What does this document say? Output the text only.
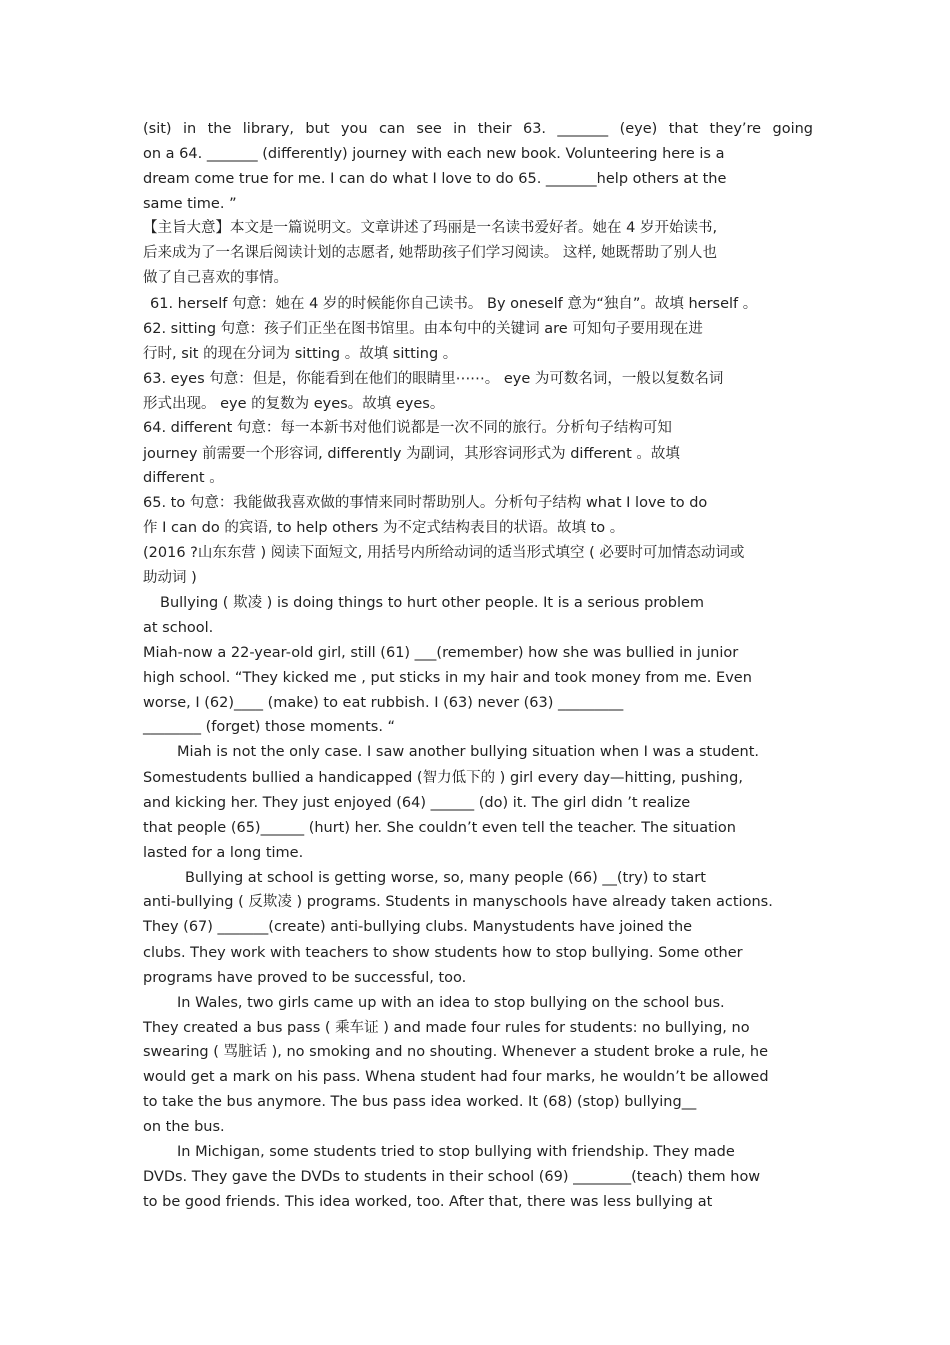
(sit) in the library, but you can see in their 63. _______ (eye) that they’re going
on a 64. _______ (differently) journey with each new book. Volunteering here is a
dream come true for me. I can do what I love to do 65. _______help others at the
same time. ”
【主旨大意】本文是一篇说明文。文章讲述了玛丽是一名读书爱好者。她在 4 岁开始读书,
后来成为了一名课后阅读计划的志愿者, 她帮助孩子们学习阅读。 这样, 她既帮助了别人也
做了自己喜欢的事情。
61. herself 句意：她在 4 岁的时候能你自己读书。 By oneself 意为“独自”。故填 herself 。
62. sitting 句意：孩子们正坐在图书馆里。由本句中的关键词 are 可知句子要用现在进
行时, sit 的现在分词为 sitting 。故填 sitting 。
63. eyes 句意：但是，你能看到在他们的眼睛里⋯⋯。 eye 为可数名词，一般以复数名词
形式出现。 eye 的复数为 eyes。故填 eyes。
64. different 句意：每一本新书对他们说都是一次不同的旅行。分析句子结构可知
journey 前需要一个形容词, differently 为副词，其形容词形式为 different 。故填
different 。
65. to 句意：我能做我喜欢做的事情来同时帮助别人。分析句子结构 what I love to do
作 I can do 的宾语, to help others 为不定式结构表目的状语。故填 to 。
(2016 ?山东东营 ) 阅读下面短文, 用括号内所给动词的适当形式填空 ( 必要时可加情态动词或
助动词 )
Bullying ( 欺凌 ) is doing things to hurt other people. It is a serious problem
at school.
Miah-now a 22-year-old girl, still (61) ___(remember) how she was bullied in junior
high school. “They kicked me , put sticks in my hair and took money from me. Even
worse, I (62)____ (make) to eat rubbish. I (63) never (63) _________
________ (forget) those moments. “
Miah is not the only case. I saw another bullying situation when I was a student.
Somestudents bullied a handicapped (智力低下的 ) girl every day—hitting, pushing,
and kicking her. They just enjoyed (64) ______ (do) it. The girl didn ’t realize
that people (65)______ (hurt) her. She couldn’t even tell the teacher. The situation
lasted for a long time.
Bullying at school is getting worse, so, many people (66) __(try) to start
anti-bullying ( 反欺凌 ) programs. Students in manyschools have already taken actions.
They (67) _______(create) anti-bullying clubs. Manystudents have joined the
clubs. They work with teachers to show students how to stop bullying. Some other
programs have proved to be successful, too.
In Wales, two girls came up with an idea to stop bullying on the school bus.
They created a bus pass ( 乘车证 ) and made four rules for students: no bullying, no
swearing ( 骂脏话 ), no smoking and no shouting. Whenever a student broke a rule, he
would get a mark on his pass. Whena student had four marks, he wouldn’t be allowed
to take the bus anymore. The bus pass idea worked. It (68) (stop) bullying__
on the bus.
In Michigan, some students tried to stop bullying with friendship. They made
DVDs. They gave the DVDs to students in their school (69) ________(teach) them how
to be good friends. This idea worked, too. After that, there was less bullying at
